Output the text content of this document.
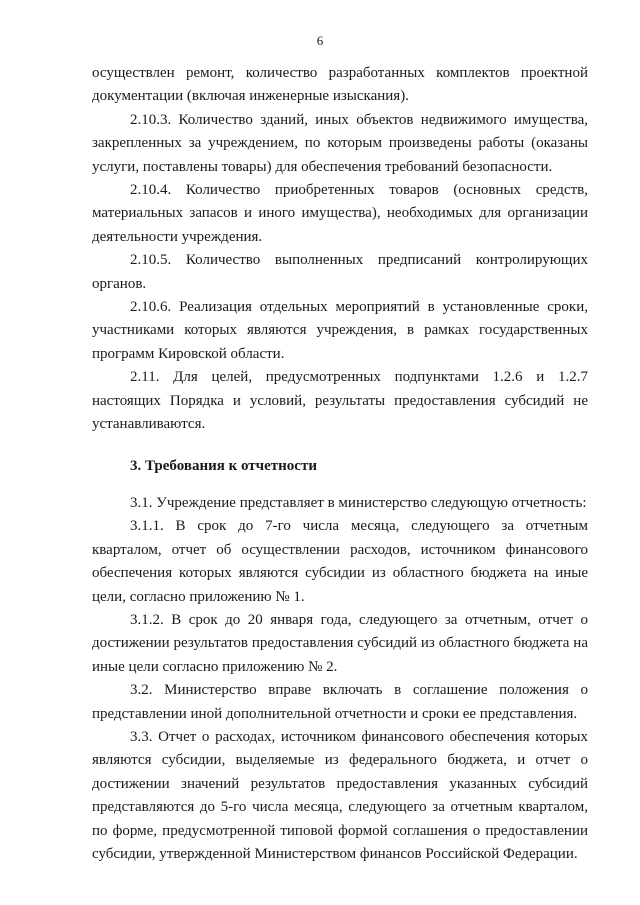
6

осуществлен ремонт, количество разработанных комплектов проектной документации (включая инженерные изыскания).

2.10.3. Количество зданий, иных объектов недвижимого имущества, закрепленных за учреждением, по которым произведены работы (оказаны услуги, поставлены товары) для обеспечения требований безопасности.

2.10.4. Количество приобретенных товаров (основных средств, материальных запасов и иного имущества), необходимых для организации деятельности учреждения.

2.10.5. Количество выполненных предписаний контролирующих органов.

2.10.6. Реализация отдельных мероприятий в установленные сроки, участниками которых являются учреждения, в рамках государственных программ Кировской области.

2.11. Для целей, предусмотренных подпунктами 1.2.6 и 1.2.7 настоящих Порядка и условий, результаты предоставления субсидий не устанавливаются.

3. Требования к отчетности

3.1. Учреждение представляет в министерство следующую отчетность:

3.1.1. В срок до 7-го числа месяца, следующего за отчетным кварталом, отчет об осуществлении расходов, источником финансового обеспечения которых являются субсидии из областного бюджета на иные цели, согласно приложению № 1.

3.1.2. В срок до 20 января года, следующего за отчетным, отчет о достижении результатов предоставления субсидий из областного бюджета на иные цели согласно приложению № 2.

3.2. Министерство вправе включать в соглашение положения о представлении иной дополнительной отчетности и сроки ее представления.

3.3. Отчет о расходах, источником финансового обеспечения которых являются субсидии, выделяемые из федерального бюджета, и отчет о достижении значений результатов предоставления указанных субсидий представляются до 5-го числа месяца, следующего за отчетным кварталом, по форме, предусмотренной типовой формой соглашения о предоставлении субсидии, утвержденной Министерством финансов Российской Федерации.
